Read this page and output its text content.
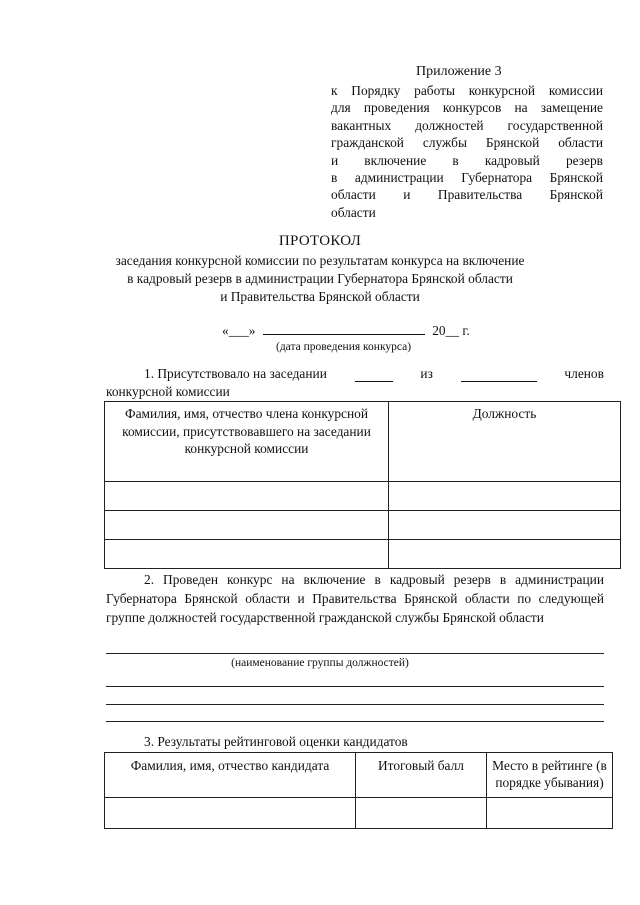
Приложение 3
к Порядку работы конкурсной комиссии
для проведения конкурсов на замещение
вакантных должностей государственной
гражданской службы Брянской области
и включение в кадровый резерв
в администрации Губернатора Брянской
области и Правительства Брянской
области
ПРОТОКОЛ
заседания конкурсной комиссии по результатам конкурса на включение
в кадровый резерв в администрации Губернатора Брянской области
и Правительства Брянской области
«___»	20__ г.
(дата проведения конкурса)
1. Присутствовало на заседании	из	членов
конкурсной комиссии
Фамилия, имя, отчество члена конкурсной комиссии, присутствовавшего на заседании конкурсной комиссии	Должность

2. Проведен конкурс на включение в кадровый резерв в администрации Губернатора Брянской области и Правительства Брянской области по следующей группе должностей государственной гражданской службы Брянской области
(наименование группы должностей)
3. Результаты рейтинговой оценки кандидатов
Фамилия, имя, отчество кандидата	Итоговый балл	Место в рейтинге (в порядке убывания)
